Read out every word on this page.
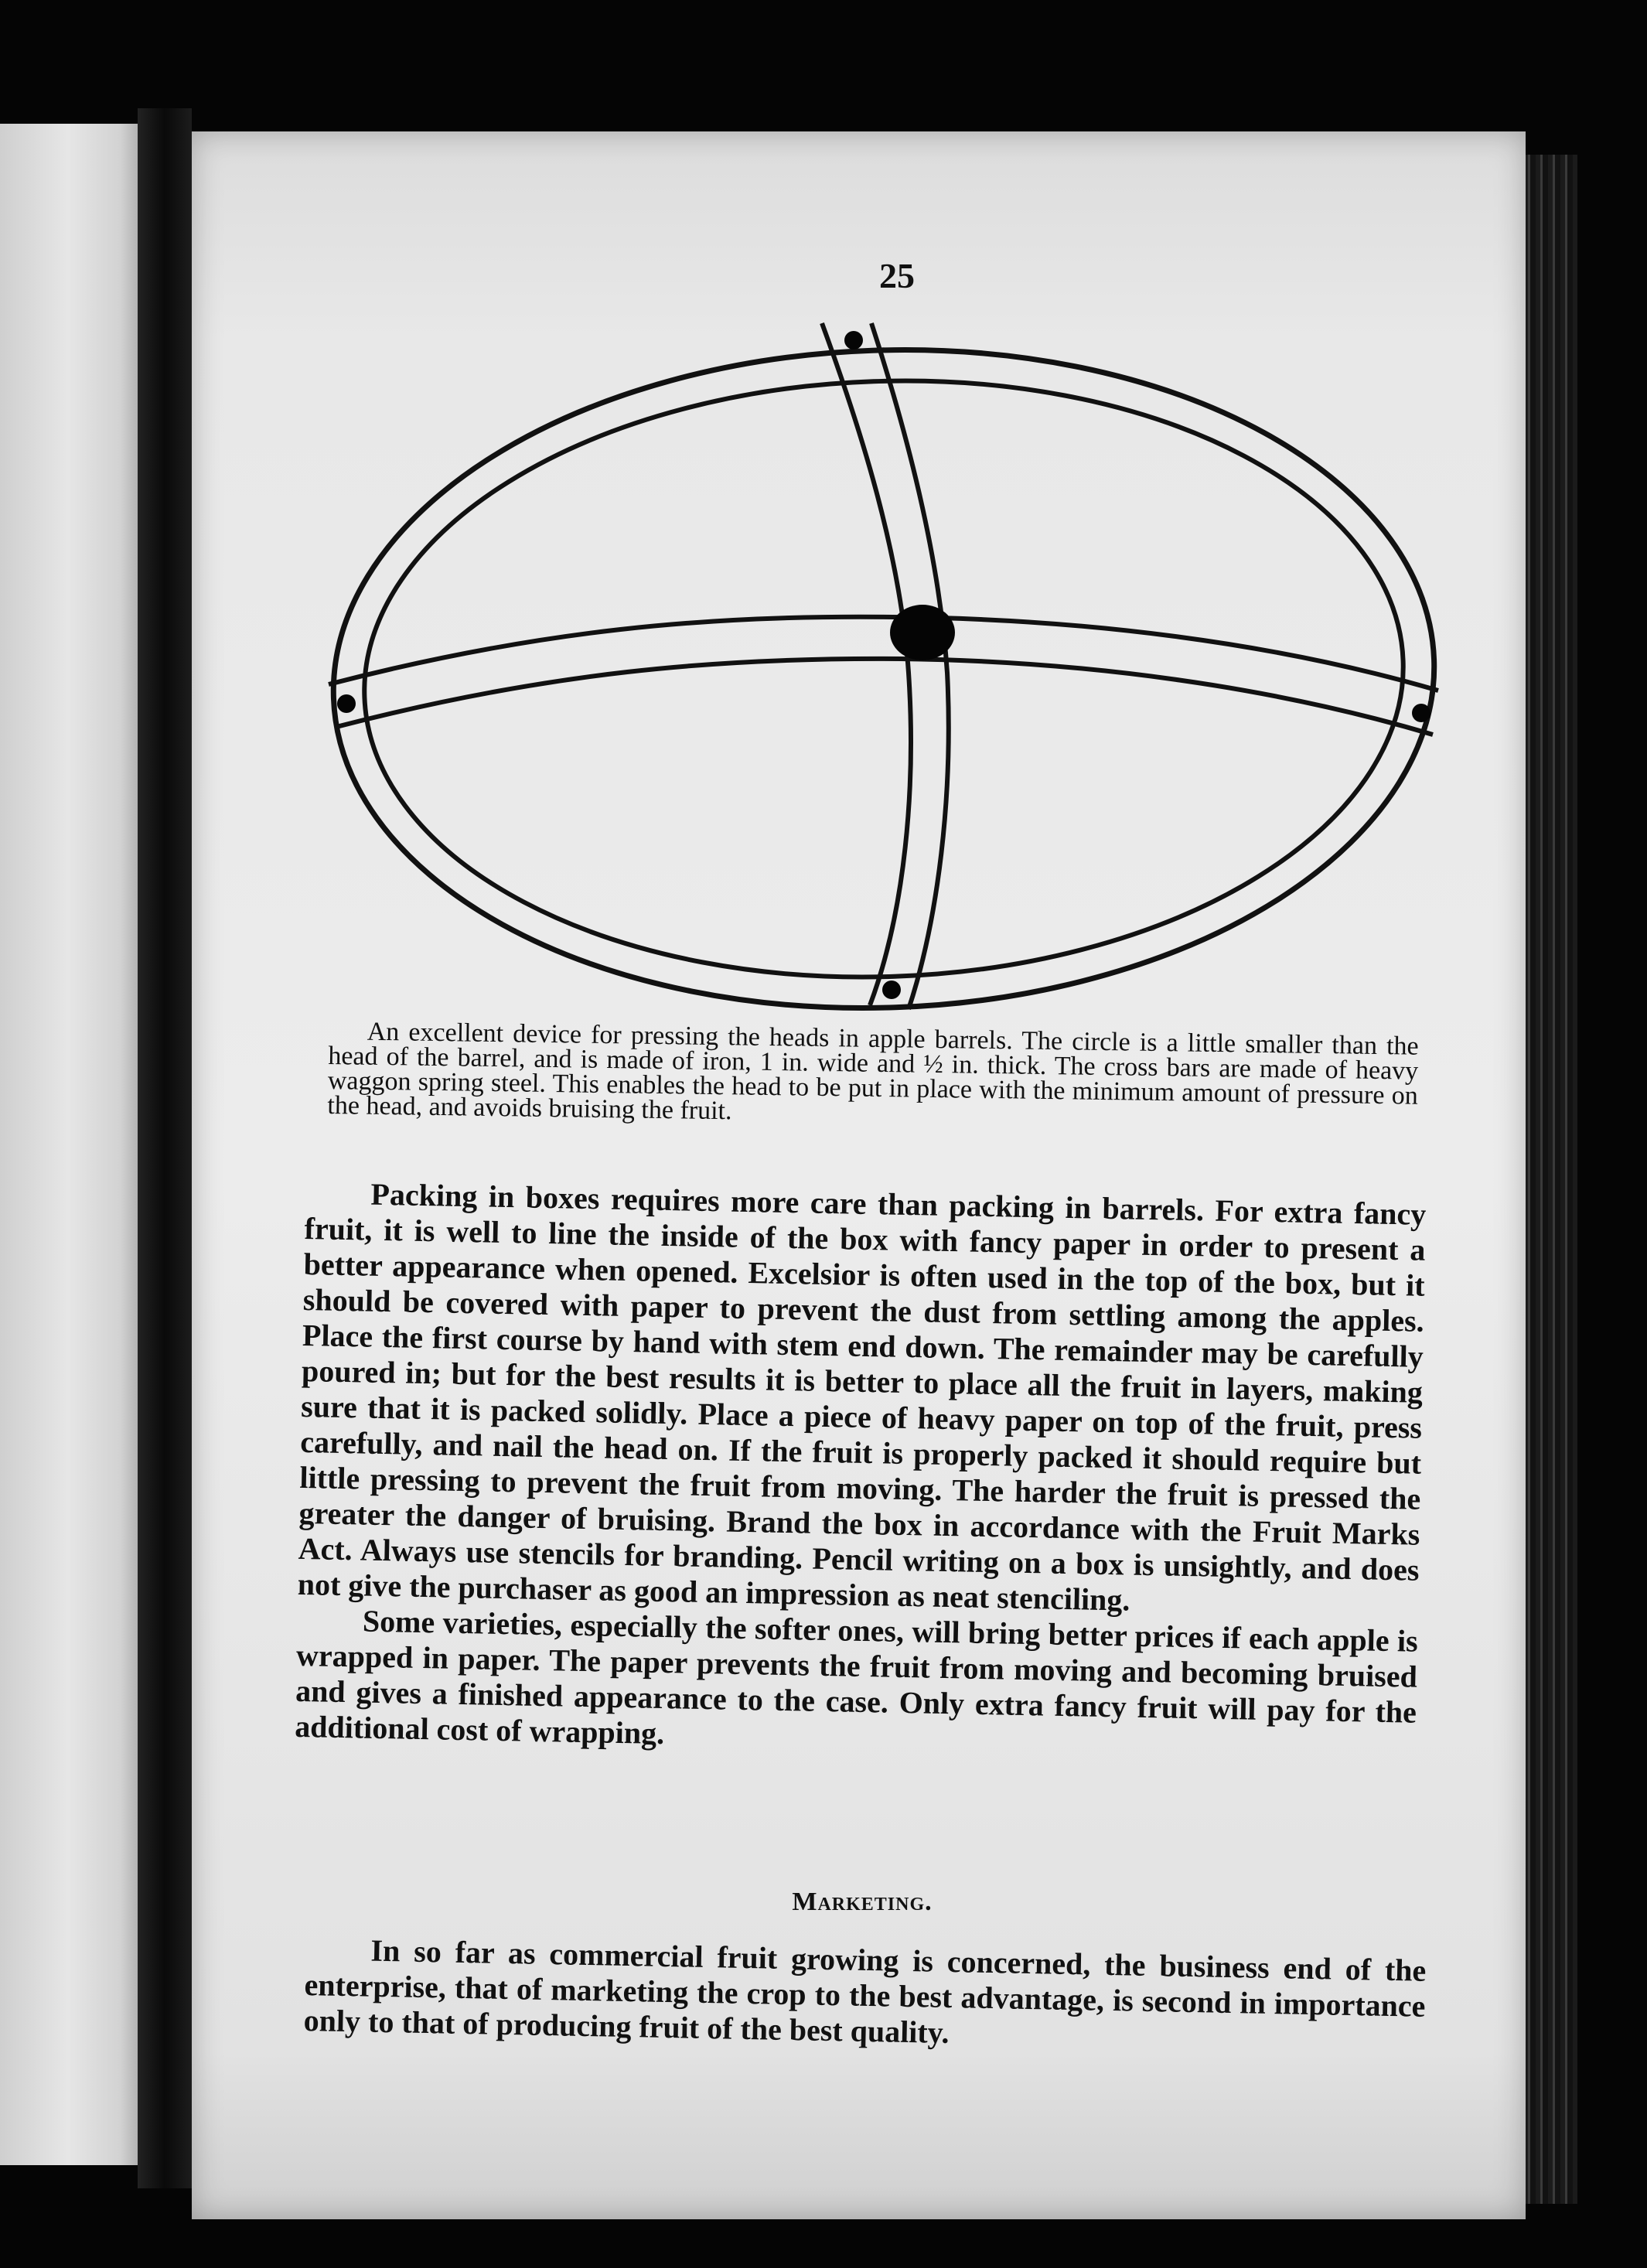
25
An excellent device for pressing the heads in apple barrels. The circle is a little smaller than the head of the barrel, and is made of iron, 1 in. wide and ½ in. thick. The cross bars are made of heavy waggon spring steel. This enables the head to be put in place with the minimum amount of pressure on the head, and avoids bruising the fruit.

Packing in boxes requires more care than packing in barrels. For extra fancy fruit, it is well to line the inside of the box with fancy paper in order to present a better appearance when opened. Excelsior is often used in the top of the box, but it should be covered with paper to prevent the dust from settling among the apples. Place the first course by hand with stem end down. The remainder may be carefully poured in; but for the best results it is better to place all the fruit in layers, making sure that it is packed solidly. Place a piece of heavy paper on top of the fruit, press carefully, and nail the head on. If the fruit is properly packed it should require but little pressing to prevent the fruit from moving. The harder the fruit is pressed the greater the danger of bruising. Brand the box in accordance with the Fruit Marks Act. Always use stencils for branding. Pencil writing on a box is unsightly, and does not give the purchaser as good an impression as neat stenciling.

Some varieties, especially the softer ones, will bring better prices if each apple is wrapped in paper. The paper prevents the fruit from moving and becoming bruised and gives a finished appearance to the case. Only extra fancy fruit will pay for the additional cost of wrapping.

Marketing.

In so far as commercial fruit growing is concerned, the business end of the enterprise, that of marketing the crop to the best advantage, is second in importance only to that of producing fruit of the best quality.
